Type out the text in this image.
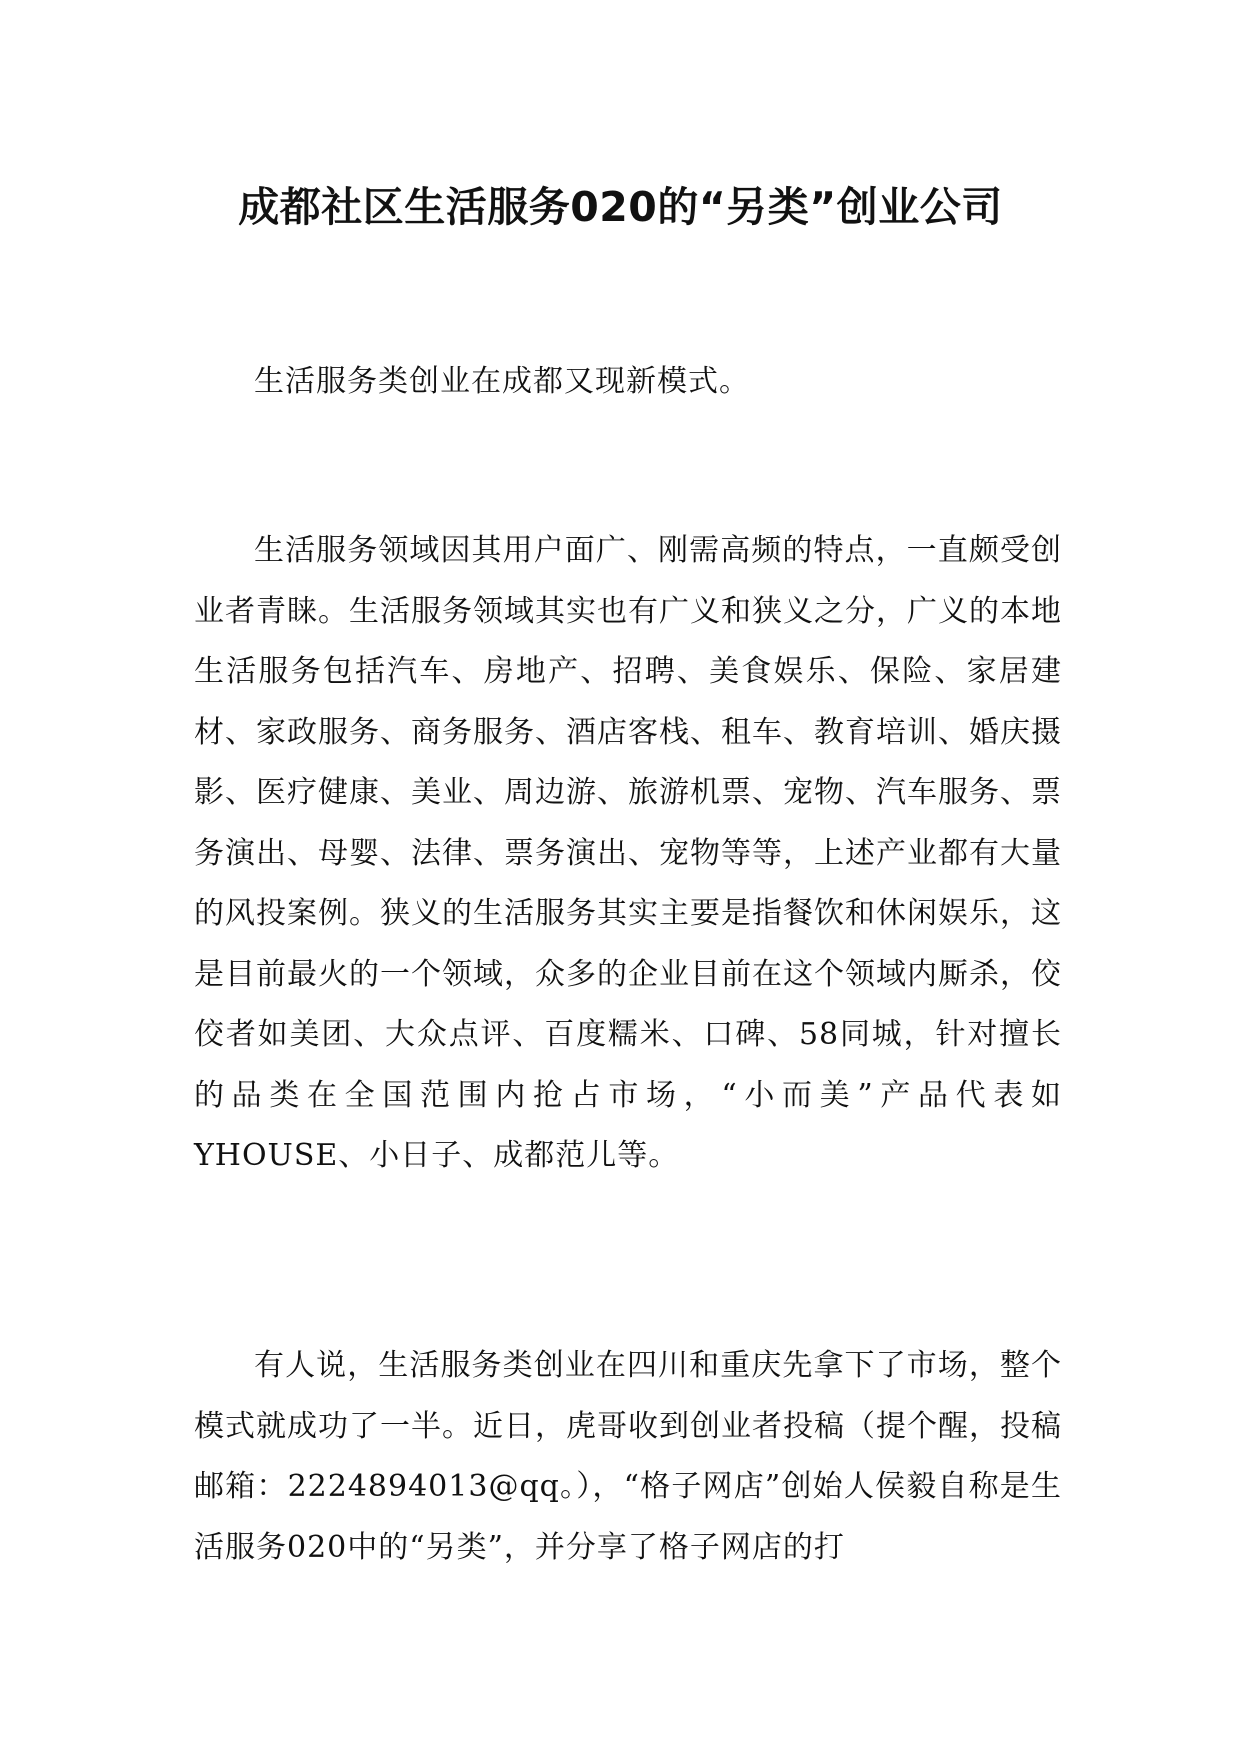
成都社区生活服务020的“另类”创业公司

生活服务类创业在成都又现新模式。

生活服务领域因其用户面广、刚需高频的特点，一直颇受创业者青睐。生活服务领域其实也有广义和狭义之分，广义的本地生活服务包括汽车、房地产、招聘、美食娱乐、保险、家居建材、家政服务、商务服务、酒店客栈、租车、教育培训、婚庆摄影、医疗健康、美业、周边游、旅游机票、宠物、汽车服务、票务演出、母婴、法律、票务演出、宠物等等，上述产业都有大量的风投案例。狭义的生活服务其实主要是指餐饮和休闲娱乐，这是目前最火的一个领域，众多的企业目前在这个领域内厮杀，佼佼者如美团、大众点评、百度糯米、口碑、58同城，针对擅长的品类在全国范围内抢占市场，“小而美”产品代表如YHOUSE、小日子、成都范儿等。

有人说，生活服务类创业在四川和重庆先拿下了市场，整个模式就成功了一半。近日，虎哥收到创业者投稿（提个醒，投稿邮箱：2224894013@qq。），“格子网店”创始人侯毅自称是生活服务020中的“另类”，并分享了格子网店的打
